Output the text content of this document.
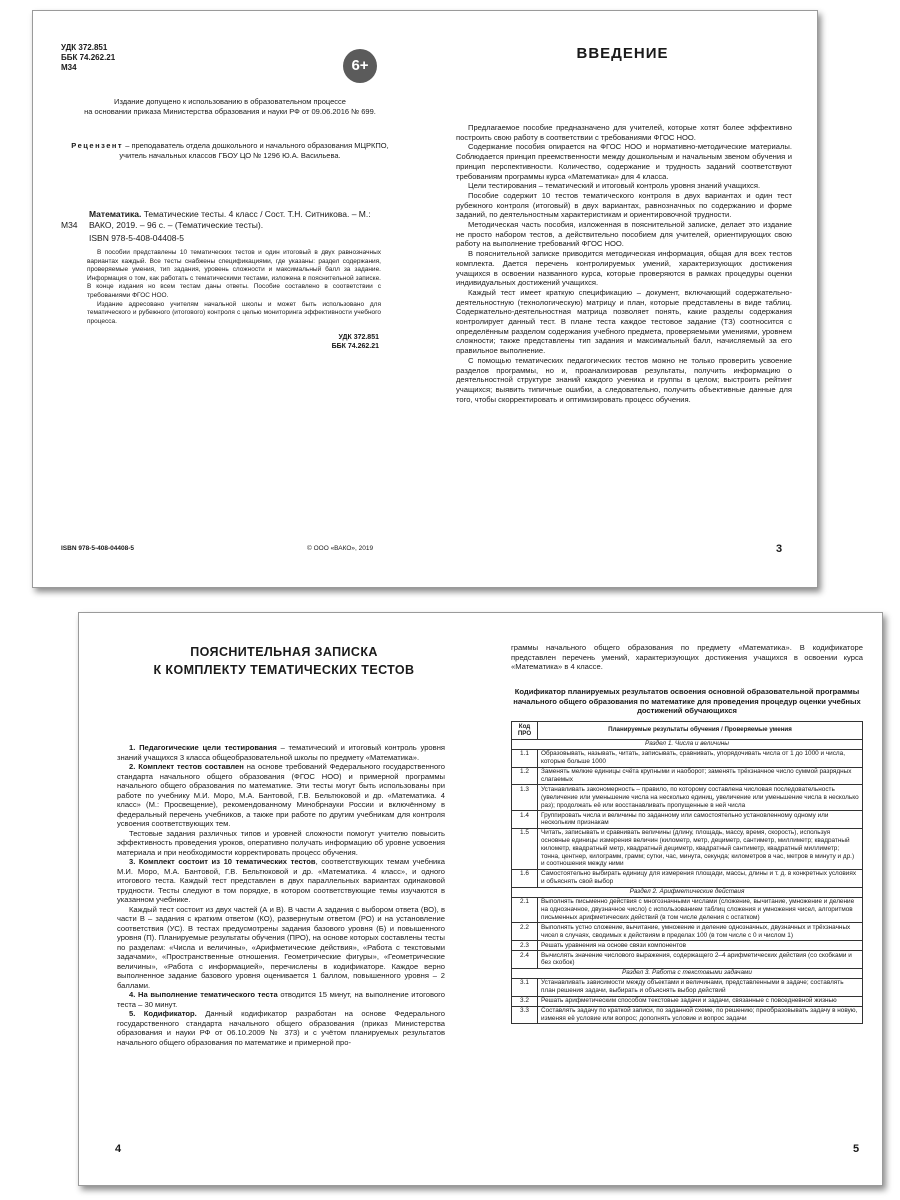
УДК 372.851
ББК 74.262.21
М34	6+
Издание допущено к использованию в образовательном процессе
на основании приказа Министерства образования и науки РФ от 09.06.2016 № 699.
Рецензент – преподаватель отдела дошкольного и начального образования МЦРКПО,
учитель начальных классов ГБОУ ЦО № 1296 Ю.А. Васильева.
М34
Математика. Тематические тесты. 4 класс / Сост. Т.Н. Ситникова. – М.: ВАКО, 2019. – 96 с. – (Тематические тесты).
ISBN 978-5-408-04408-5

В пособии представлены 10 тематических тестов и один итоговый в двух равнозначных вариантах каждый. Все тесты снабжены спецификациями, где указаны: раздел содержания, проверяемые умения, тип задания, уровень сложности и максимальный балл за задание. Информация о том, как работать с тематическими тестами, изложена в пояснительной записке. В конце издания но всем тестам даны ответы. Пособие составлено в соответствии с требованиями ФГОС НОО.

Издание адресовано учителям начальной школы и может быть использовано для тематического и рубежного (итогового) контроля с целью мониторинга эффективности учебного процесса.

УДК 372.851
ББК 74.262.21
ISBN 978-5-408-04408-5	© ООО «ВАКО», 2019
ВВЕДЕНИЕ

Предлагаемое пособие предназначено для учителей, которые хотят более эффективно построить свою работу в соответствии с требованиями ФГОС НОО.

Содержание пособия опирается на ФГОС НОО и нормативно-методические материалы. Соблюдается принцип преемственности между дошкольным и начальным звеном обучения и принцип перспективности. Количество, содержание и трудность заданий соответствуют требованиям программы курса «Математика» для 4 класса.

Цели тестирования – тематический и итоговый контроль уровня знаний учащихся.

Пособие содержит 10 тестов тематического контроля в двух вариантах и один тест рубежного контроля (итоговый) в двух вариантах, равнозначных по содержанию и форме заданий, по деятельностным характеристикам и ориентировочной трудности.

Методическая часть пособия, изложенная в пояснительной записке, делает это издание не просто набором тестов, а действительно пособием для учителей, ориентирующих свою работу на выполнение требований ФГОС НОО.

В пояснительной записке приводится методическая информация, общая для всех тестов комплекта. Дается перечень контролируемых умений, характеризующих достижения учащихся в освоении названного курса, которые проверяются в рамках процедуры оценки индивидуальных достижений учащихся.

Каждый тест имеет краткую спецификацию – документ, включающий содержательно-деятельностную (технологическую) матрицу и план, которые представлены в виде таблиц. Содержательно-деятельностная матрица позволяет понять, какие разделы содержания контролирует данный тест. В плане теста каждое тестовое задание (ТЗ) соотносится с определённым разделом содержания учебного предмета, проверяемыми умениями, уровнем сложности; также представлены тип задания и максимальный балл, начисляемый за его правильное выполнение.

С помощью тематических педагогических тестов можно не только проверить усвоение разделов программы, но и, проанализировав результаты, получить информацию о деятельностной структуре знаний каждого ученика и группы в целом; выстроить рейтинг учащихся; выявить типичные ошибки, а следовательно, получить объективные данные для того, чтобы скорректировать и оптимизировать процесс обучения.

3
ПОЯСНИТЕЛЬНАЯ ЗАПИСКА
К КОМПЛЕКТУ ТЕМАТИЧЕСКИХ ТЕСТОВ

1. Педагогические цели тестирования – тематический и итоговый контроль уровня знаний учащихся 3 класса общеобразовательной школы по предмету «Математика».

2. Комплект тестов составлен на основе требований Федерального государственного стандарта начального общего образования (ФГОС НОО) и примерной программы начального общего образования по математике. Эти тесты могут быть использованы при работе по учебнику М.И. Моро, М.А. Бантовой, Г.В. Бельтюковой и др. «Математика. 4 класс» (М.: Просвещение), рекомендованному Минобрнауки России и включённому в федеральный перечень учебников, а также при работе по другим учебникам для контроля усвоения соответствующих тем.

Тестовые задания различных типов и уровней сложности помогут учителю повысить эффективность проведения уроков, оперативно получать информацию об уровне усвоения материала и при необходимости корректировать процесс обучения.

3. Комплект состоит из 10 тематических тестов, соответствующих темам учебника М.И. Моро, М.А. Бантовой, Г.В. Бельтюковой и др. «Математика. 4 класс», и одного итогового теста. Каждый тест представлен в двух параллельных вариантах одинаковой трудности. Тесты следуют в том порядке, в котором соответствующие темы изучаются в указанном учебнике.

Каждый тест состоит из двух частей (А и В). В части А задания с выбором ответа (ВО), в части В – задания с кратким ответом (КО), развернутым ответом (РО) и на установление соответствия (УС). В тестах предусмотрены задания базового уровня (Б) и повышенного уровня (П). Планируемые результаты обучения (ПРО), на основе которых составлены тесты по разделам: «Числа и величины», «Арифметические действия», «Работа с текстовыми задачами», «Пространственные отношения. Геометрические фигуры», «Геометрические величины», «Работа с информацией», перечислены в кодификаторе. Каждое верно выполненное задание базового уровня оценивается 1 баллом, повышенного уровня – 2 баллами.

4. На выполнение тематического теста отводится 15 минут, на выполнение итогового теста – 30 минут.

5. Кодификатор. Данный кодификатор разработан на основе Федерального государственного стандарта начального общего образования (приказ Министерства образования и науки РФ от 06.10.2009 № 373) и с учётом планируемых результатов начального общего образования по математике и примерной про-

4
граммы начального общего образования по предмету «Математика». В кодификаторе представлен перечень умений, характеризующих достижения учащихся в освоении курса «Математика» в 4 классе.
Кодификатор планируемых результатов освоения основной образовательной программы начального общего образования по математике для проведения процедур оценки учебных достижений обучающихся
Код ПРО	Планируемые результаты обучения / Проверяемые умения
Раздел 1. Числа и величины	
1.1	Образовывать, называть, читать, записывать, сравнивать, упорядочивать числа от 1 до 1000 и числа, которые больше 1000
1.2	Заменять мелкие единицы счёта крупными и наоборот; заменять трёхзначное число суммой разрядных слагаемых
1.3	Устанавливать закономерность – правило, по которому составлена числовая последовательность (увеличение или уменьшение числа на несколько единиц, увеличение или уменьшение числа в несколько раз); продолжать её или восстанавливать пропущенные в ней числа
1.4	Группировать числа и величины по заданному или самостоятельно установленному одному или нескольким признакам
1.5	Читать, записывать и сравнивать величины (длину, площадь, массу, время, скорость), используя основные единицы измерения величин (километр, метр, дециметр, сантиметр, миллиметр; квадратный километр, квадратный метр, квадратный дециметр, квадратный сантиметр, квадратный миллиметр; тонна, центнер, килограмм, грамм; сутки, час, минута, секунда; километров в час, метров в минуту и др.) и соотношения между ними
1.6	Самостоятельно выбирать единицу для измерения площади, массы, длины и т. д. в конкретных условиях и объяснять свой выбор
Раздел 2. Арифметические действия	
2.1	Выполнять письменно действия с многозначными числами (сложение, вычитание, умножение и деление на однозначное, двузначное число) с использованием таблиц сложения и умножения чисел, алгоритмов письменных арифметических действий (в том числе деления с остатком)
2.2	Выполнять устно сложение, вычитание, умножение и деление однозначных, двузначных и трёхзначных чисел в случаях, сводимых к действиям в пределах 100 (в том числе с 0 и числом 1)
2.3	Решать уравнения на основе связи компонентов
2.4	Вычислять значение числового выражения, содержащего 2–4 арифметических действия (со скобками и без скобок)
Раздел 3. Работа с текстовыми задачами	
3.1	Устанавливать зависимости между объектами и величинами, представленными в задаче; составлять план решения задачи, выбирать и объяснять выбор действий
3.2	Решать арифметическим способом текстовые задачи и задачи, связанные с повседневной жизнью
3.3	Составлять задачу по краткой записи, по заданной схеме, по решению; преобразовывать задачу в новую, изменяя её условие или вопрос; дополнять условие и вопрос задачи
5
